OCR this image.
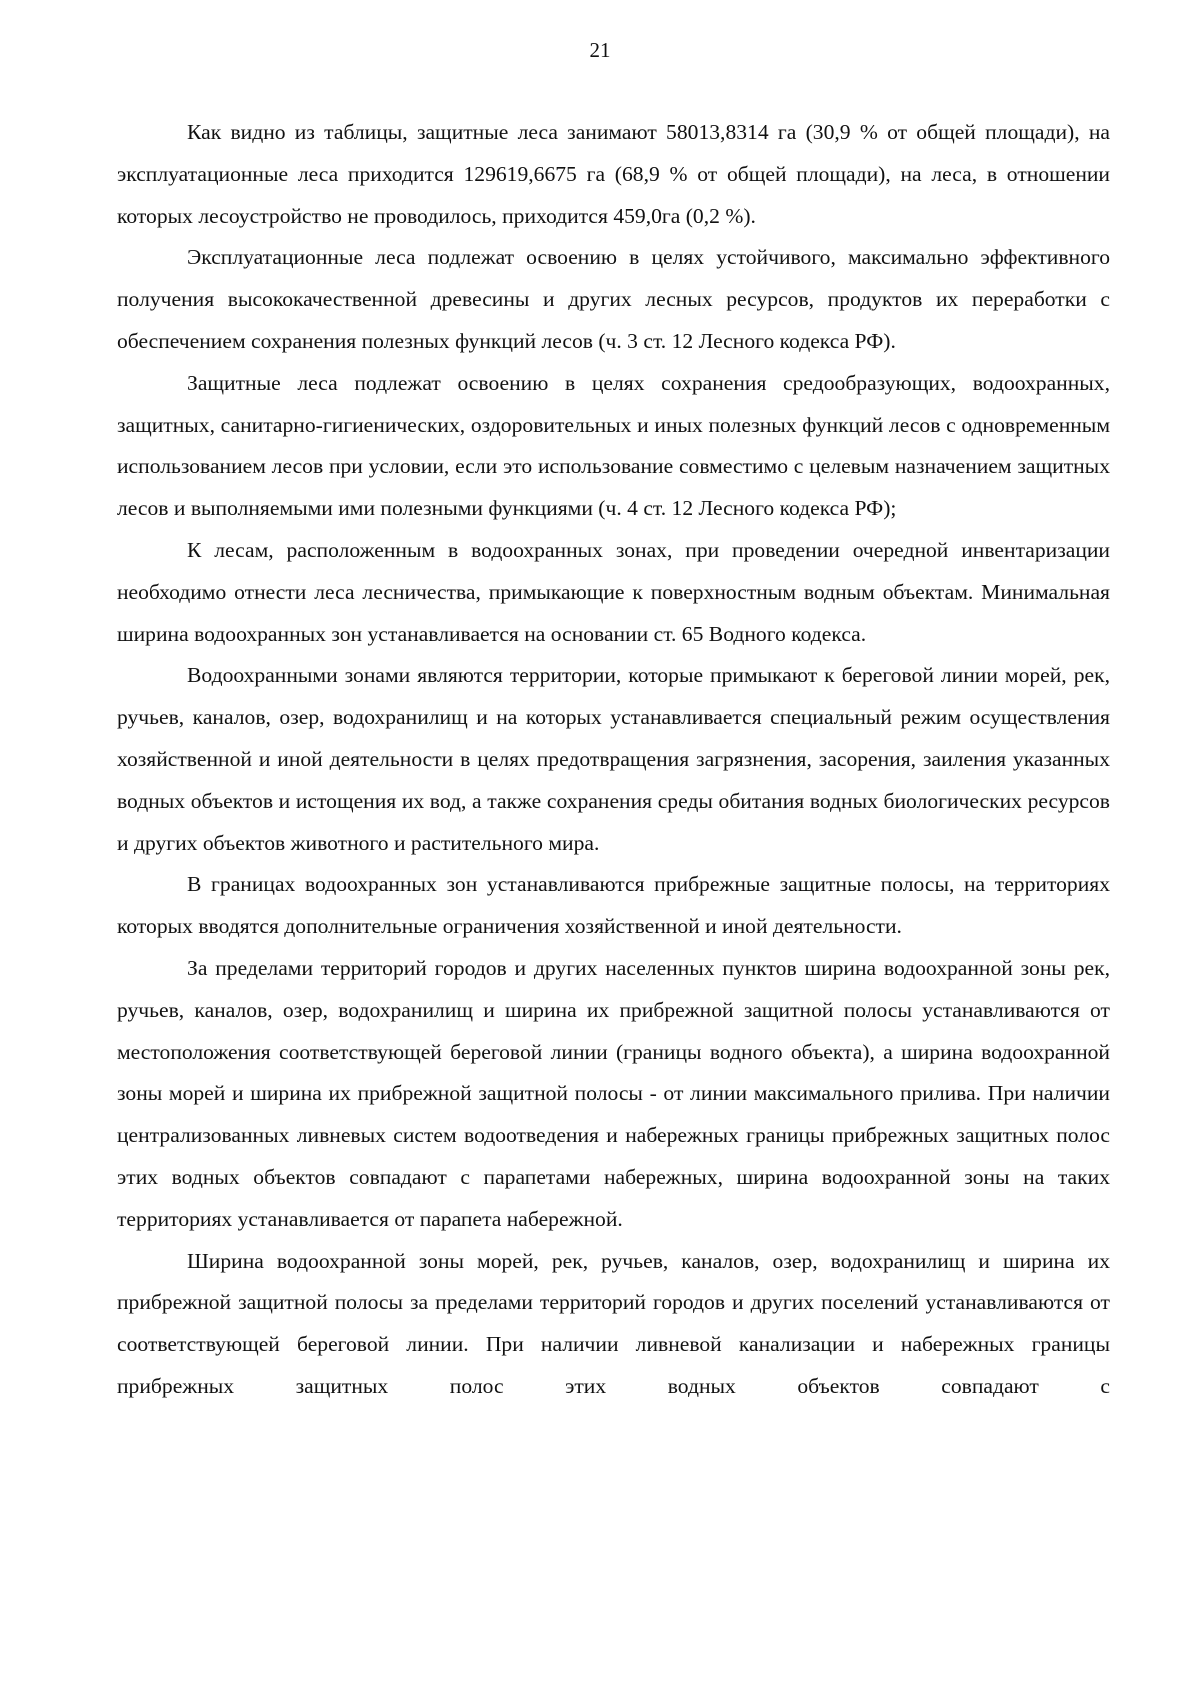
21

Как видно из таблицы, защитные леса занимают 58013,8314 га (30,9 % от общей площади), на эксплуатационные леса приходится 129619,6675 га (68,9 % от общей площади), на леса, в отношении которых лесоустройство не проводилось, приходится 459,0га (0,2 %).

Эксплуатационные леса подлежат освоению в целях устойчивого, максимально эффективного получения высококачественной древесины и других лесных ресурсов, продуктов их переработки с обеспечением сохранения полезных функций лесов (ч. 3 ст. 12 Лесного кодекса РФ).

Защитные леса подлежат освоению в целях сохранения средообразующих, водоохранных, защитных, санитарно-гигиенических, оздоровительных и иных полезных функций лесов с одновременным использованием лесов при условии, если это использование совместимо с целевым назначением защитных лесов и выполняемыми ими полезными функциями (ч. 4 ст. 12 Лесного кодекса РФ);

К лесам, расположенным в водоохранных зонах, при проведении очередной инвентаризации необходимо отнести леса лесничества, примыкающие к поверхностным водным объектам. Минимальная ширина водоохранных зон устанавливается на основании ст. 65 Водного кодекса.

Водоохранными зонами являются территории, которые примыкают к береговой линии морей, рек, ручьев, каналов, озер, водохранилищ и на которых устанавливается специальный режим осуществления хозяйственной и иной деятельности в целях предотвращения загрязнения, засорения, заиления указанных водных объектов и истощения их вод, а также сохранения среды обитания водных биологических ресурсов и других объектов животного и растительного мира.

В границах водоохранных зон устанавливаются прибрежные защитные полосы, на территориях которых вводятся дополнительные ограничения хозяйственной и иной деятельности.

За пределами территорий городов и других населенных пунктов ширина водоохранной зоны рек, ручьев, каналов, озер, водохранилищ и ширина их прибрежной защитной полосы устанавливаются от местоположения соответствующей береговой линии (границы водного объекта), а ширина водоохранной зоны морей и ширина их прибрежной защитной полосы - от линии максимального прилива. При наличии централизованных ливневых систем водоотведения и набережных границы прибрежных защитных полос этих водных объектов совпадают с парапетами набережных, ширина водоохранной зоны на таких территориях устанавливается от парапета набережной.

Ширина водоохранной зоны морей, рек, ручьев, каналов, озер, водохранилищ и ширина их прибрежной защитной полосы за пределами территорий городов и других поселений устанавливаются от соответствующей береговой линии. При наличии ливневой канализации и набережных границы прибрежных защитных полос этих водных объектов совпадают с
